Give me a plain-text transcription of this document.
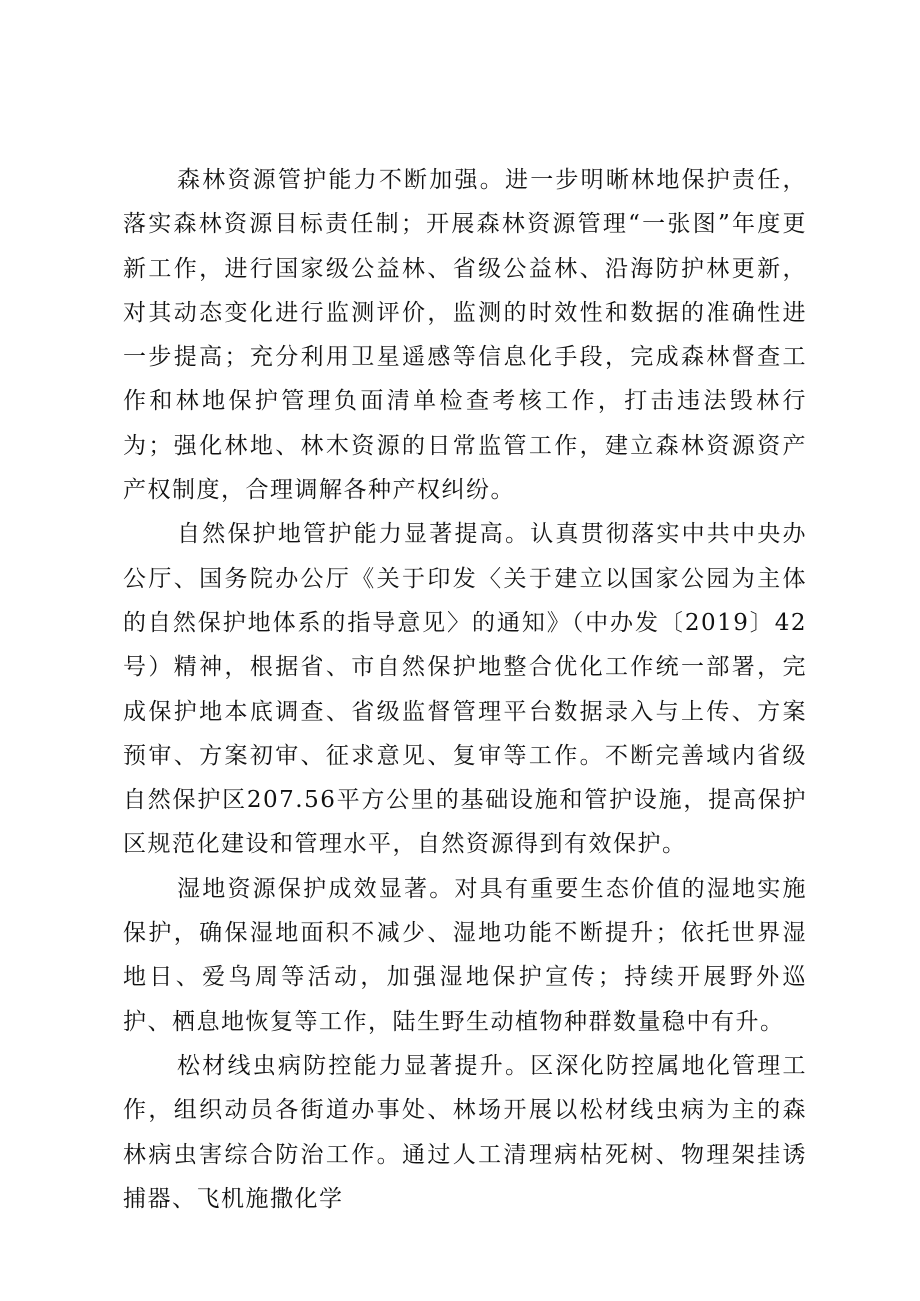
森林资源管护能力不断加强。进一步明晰林地保护责任，落实森林资源目标责任制；开展森林资源管理“一张图”年度更新工作，进行国家级公益林、省级公益林、沿海防护林更新，对其动态变化进行监测评价，监测的时效性和数据的准确性进一步提高；充分利用卫星遥感等信息化手段，完成森林督查工作和林地保护管理负面清单检查考核工作，打击违法毁林行为；强化林地、林木资源的日常监管工作，建立森林资源资产产权制度，合理调解各种产权纠纷。

自然保护地管护能力显著提高。认真贯彻落实中共中央办公厅、国务院办公厅《关于印发〈关于建立以国家公园为主体的自然保护地体系的指导意见〉的通知》（中办发〔2019〕42号）精神，根据省、市自然保护地整合优化工作统一部署，完成保护地本底调查、省级监督管理平台数据录入与上传、方案预审、方案初审、征求意见、复审等工作。不断完善域内省级自然保护区207.56平方公里的基础设施和管护设施，提高保护区规范化建设和管理水平，自然资源得到有效保护。

湿地资源保护成效显著。对具有重要生态价值的湿地实施保护，确保湿地面积不减少、湿地功能不断提升；依托世界湿地日、爱鸟周等活动，加强湿地保护宣传；持续开展野外巡护、栖息地恢复等工作，陆生野生动植物种群数量稳中有升。

松材线虫病防控能力显著提升。区深化防控属地化管理工作，组织动员各街道办事处、林场开展以松材线虫病为主的森林病虫害综合防治工作。通过人工清理病枯死树、物理架挂诱捕器、飞机施撒化学
